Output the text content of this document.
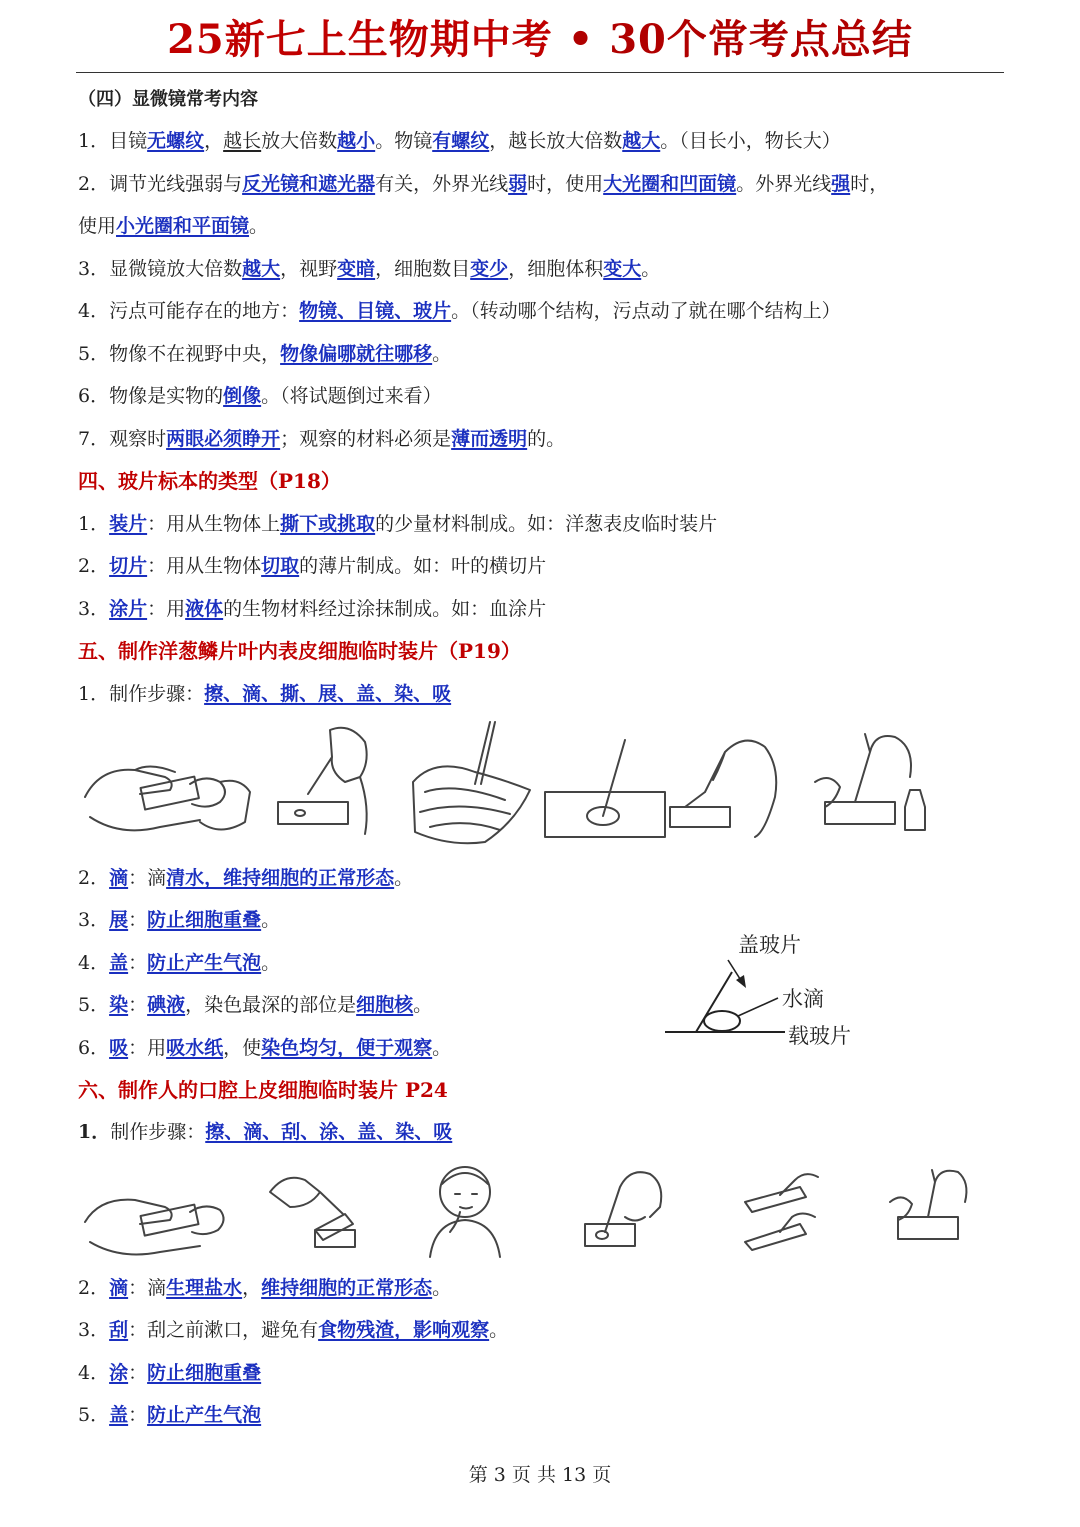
25新七上生物期中考 • 30个常考点总结
（四）显微镜常考内容
1．目镜无螺纹，越长放大倍数越小。物镜有螺纹，越长放大倍数越大。（目长小，物长大）
2．调节光线强弱与反光镜和遮光器有关，外界光线弱时，使用大光圈和凹面镜。外界光线强时，
使用小光圈和平面镜。
3．显微镜放大倍数越大，视野变暗，细胞数目变少，细胞体积变大。
4．污点可能存在的地方：物镜、目镜、玻片。（转动哪个结构，污点动了就在哪个结构上）
5．物像不在视野中央，物像偏哪就往哪移。
6．物像是实物的倒像。（将试题倒过来看）
7．观察时两眼必须睁开；观察的材料必须是薄而透明的。
四、玻片标本的类型（P18）
1．装片：用从生物体上撕下或挑取的少量材料制成。如：洋葱表皮临时装片
2．切片：用从生物体切取的薄片制成。如：叶的横切片
3．涂片：用液体的生物材料经过涂抹制成。如：血涂片
五、制作洋葱鳞片叶内表皮细胞临时装片（P19）
1．制作步骤：擦、滴、撕、展、盖、染、吸
2．滴：滴清水，维持细胞的正常形态。
3．展：防止细胞重叠。
4．盖：防止产生气泡。
5．染：碘液，染色最深的部位是细胞核。
6．吸：用吸水纸，使染色均匀，便于观察。
盖玻片
水滴
载玻片
六、制作人的口腔上皮细胞临时装片 P24
1．制作步骤：擦、滴、刮、涂、盖、染、吸
2．滴：滴生理盐水，维持细胞的正常形态。
3．刮：刮之前漱口，避免有食物残渣，影响观察。
4．涂：防止细胞重叠
5．盖：防止产生气泡
第 3 页 共 13 页
